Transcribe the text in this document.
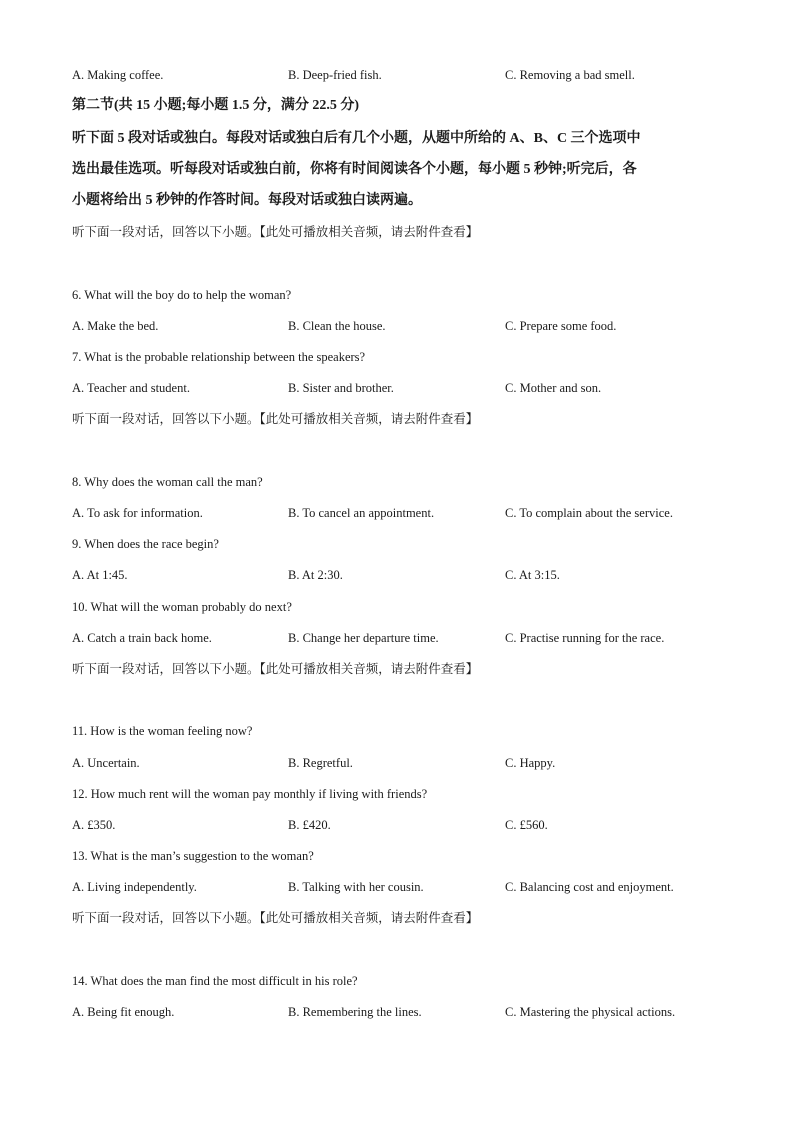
A. Making coffee.	B. Deep-fried fish.	C. Removing a bad smell.
第二节(共 15 小题;每小题 1.5 分，满分 22.5 分)
听下面 5 段对话或独白。每段对话或独白后有几个小题，从题中所给的 A、B、C 三个选项中
选出最佳选项。听每段对话或独白前，你将有时间阅读各个小题，每小题 5 秒钟;听完后，各
小题将给出 5 秒钟的作答时间。每段对话或独白读两遍。
听下面一段对话，回答以下小题。【此处可播放相关音频，请去附件查看】
6. What will the boy do to help the woman?
A. Make the bed.	B. Clean the house.	C. Prepare some food.
7. What is the probable relationship between the speakers?
A. Teacher and student.	B. Sister and brother.	C. Mother and son.
听下面一段对话，回答以下小题。【此处可播放相关音频，请去附件查看】
8. Why does the woman call the man?
A. To ask for information.	B. To cancel an appointment.	C. To complain about the service.
9. When does the race begin?
A. At 1:45.	B. At 2:30.	C. At 3:15.
10. What will the woman probably do next?
A. Catch a train back home.	B. Change her departure time.	C. Practise running for the race.
听下面一段对话，回答以下小题。【此处可播放相关音频，请去附件查看】
11. How is the woman feeling now?
A. Uncertain.	B. Regretful.	C. Happy.
12. How much rent will the woman pay monthly if living with friends?
A. £350.	B. £420.	C. £560.
13. What is the man’s suggestion to the woman?
A. Living independently.	B. Talking with her cousin.	C. Balancing cost and enjoyment.
听下面一段对话，回答以下小题。【此处可播放相关音频，请去附件查看】
14. What does the man find the most difficult in his role?
A. Being fit enough.	B. Remembering the lines.	C. Mastering the physical actions.
